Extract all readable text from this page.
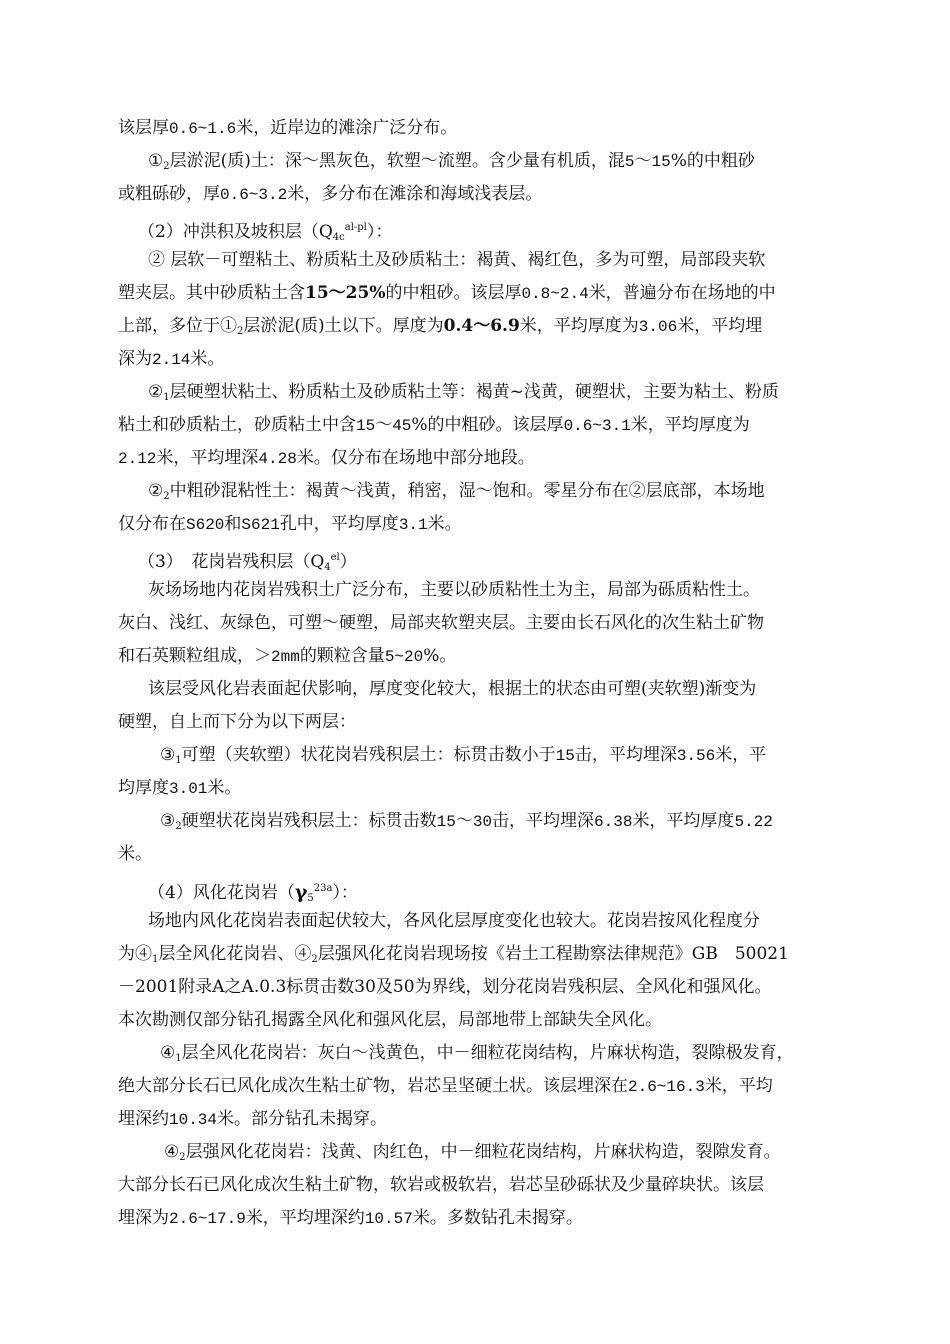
该层厚0.6~1.6米，近岸边的滩涂广泛分布。
$①_2$层淤泥(质)土：深～黑灰色，软塑～流塑。含少量有机质，混5～15%的中粗砂
或粗砾砂，厚0.6~3.2米，多分布在滩涂和海域浅表层。
（2）冲洪积及坡积层$(Q_{4c}^{al-pl})$：
② 层软－可塑粘土、粉质粘土及砂质粘土：褐黄、褐红色，多为可塑，局部段夹软
塑夹层。其中砂质粘土含15～25%的中粗砂。该层厚0.8~2.4米，普遍分布在场地的中
上部，多位于$①_2$层淤泥(质)土以下。厚度为0.4～6.9米，平均厚度为3.06米，平均埋
深为2.14米。
$②_1$层硬塑状粘土、粉质粘土及砂质粘土等：褐黄~浅黄，硬塑状，主要为粘土、粉质
粘土和砂质粘土，砂质粘土中含15～45%的中粗砂。该层厚0.6~3.1米，平均厚度为
2.12米，平均埋深4.28米。仅分布在场地中部分地段。
$②_2$中粗砂混粘性土：褐黄～浅黄，稍密，湿～饱和。零星分布在②层底部，本场地
仅分布在S620和S621孔中，平均厚度3.1米。
（3）　花岗岩残积层$(Q_4^{el})$
灰场场地内花岗岩残积土广泛分布，主要以砂质粘性土为主，局部为砾质粘性土。
灰白、浅红、灰绿色，可塑～硬塑，局部夹软塑夹层。主要由长石风化的次生粘土矿物
和石英颗粒组成，＞2mm的颗粒含量5~20%。
该层受风化岩表面起伏影响，厚度变化较大，根据土的状态由可塑(夹软塑)渐变为
硬塑，自上而下分为以下两层：
$③_1$可塑（夹软塑）状花岗岩残积层土：标贯击数小于15击，平均埋深3.56米，平
均厚度3.01米。
$③_2$硬塑状花岗岩残积层土：标贯击数15～30击，平均埋深6.38米，平均厚度5.22
米。
（4）风化花岗岩$(\gamma_5^{23a})$：
场地内风化花岗岩表面起伏较大，各风化层厚度变化也较大。花岗岩按风化程度分
为$④_1$层全风化花岗岩、$④_2$层强风化花岗岩现场按《岩土工程勘察法律规范》GB　50021
－2001附录A之A.0.3标贯击数30及50为界线，划分花岗岩残积层、全风化和强风化。
本次勘测仅部分钻孔揭露全风化和强风化层，局部地带上部缺失全风化。
$④_1$层全风化花岗岩：灰白～浅黄色，中－细粒花岗结构，片麻状构造，裂隙极发育，
绝大部分长石已风化成次生粘土矿物，岩芯呈坚硬土状。该层埋深在2.6~16.3米，平均
埋深约10.34米。部分钻孔未揭穿。
$④_2$层强风化花岗岩：浅黄、肉红色，中－细粒花岗结构，片麻状构造，裂隙发育。
大部分长石已风化成次生粘土矿物，软岩或极软岩，岩芯呈砂砾状及少量碎块状。该层
埋深为2.6~17.9米，平均埋深约10.57米。多数钻孔未揭穿。
